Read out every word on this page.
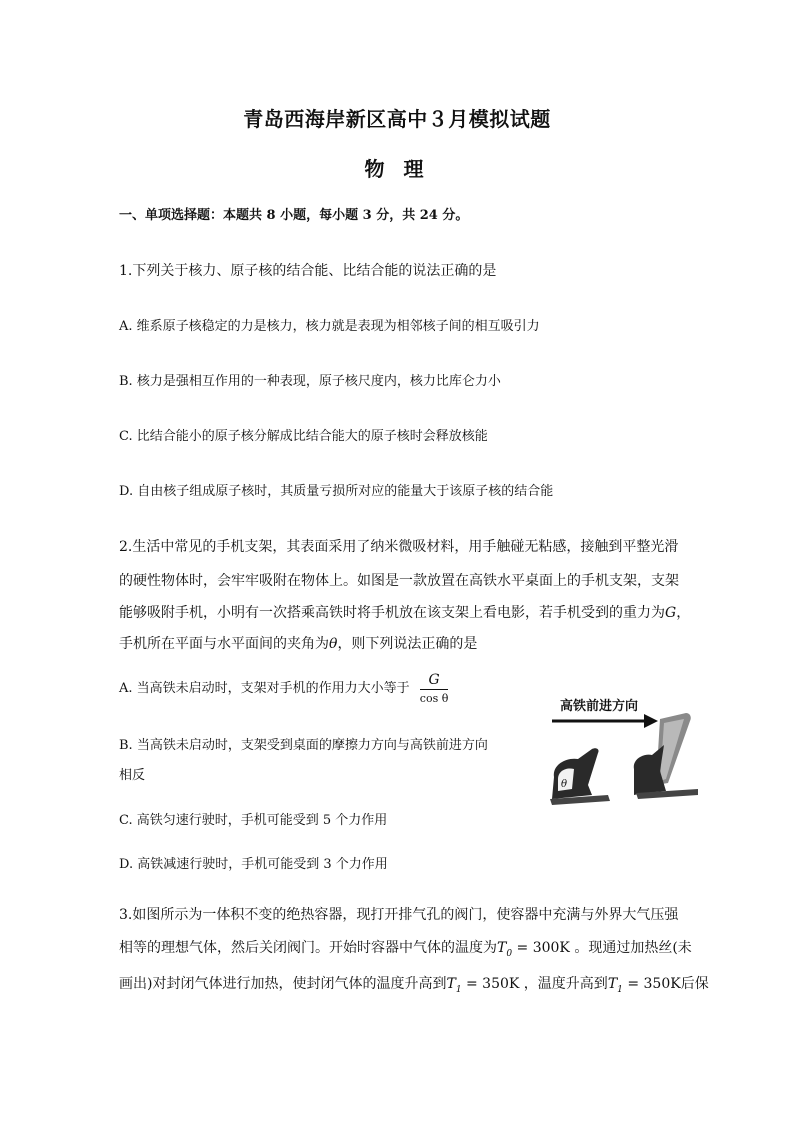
青岛西海岸新区高中３月模拟试题
物 理
一、单项选择题：本题共 8 小题，每小题 3 分，共 24 分。
1.下列关于核力、原子核的结合能、比结合能的说法正确的是
A. 维系原子核稳定的力是核力，核力就是表现为相邻核子间的相互吸引力
B. 核力是强相互作用的一种表现，原子核尺度内，核力比库仑力小
C. 比结合能小的原子核分解成比结合能大的原子核时会释放核能
D. 自由核子组成原子核时，其质量亏损所对应的能量大于该原子核的结合能
2.生活中常见的手机支架，其表面采用了纳米微吸材料，用手触碰无粘感，接触到平整光滑
的硬性物体时，会牢牢吸附在物体上。如图是一款放置在高铁水平桌面上的手机支架，支架
能够吸附手机，小明有一次搭乘高铁时将手机放在该支架上看电影，若手机受到的重力为G，
手机所在平面与水平面间的夹角为θ，则下列说法正确的是
A. 当高铁未启动时，支架对手机的作用力大小等于 $\frac{G}{\text{cos θ}}$
B. 当高铁未启动时，支架受到桌面的摩擦力方向与高铁前进方向
相反
C. 高铁匀速行驶时，手机可能受到 5 个力作用
D. 高铁减速行驶时，手机可能受到 3 个力作用
高铁前进方向
θ
3.如图所示为一体积不变的绝热容器，现打开排气孔的阀门，使容器中充满与外界大气压强
相等的理想气体，然后关闭阀门。开始时容器中气体的温度为$T_0 = 300K$ 。现通过加热丝(未
画出)对封闭气体进行加热，使封闭气体的温度升高到$T_1 = 350K$ ，温度升高到$T_1 = 350K$后保
